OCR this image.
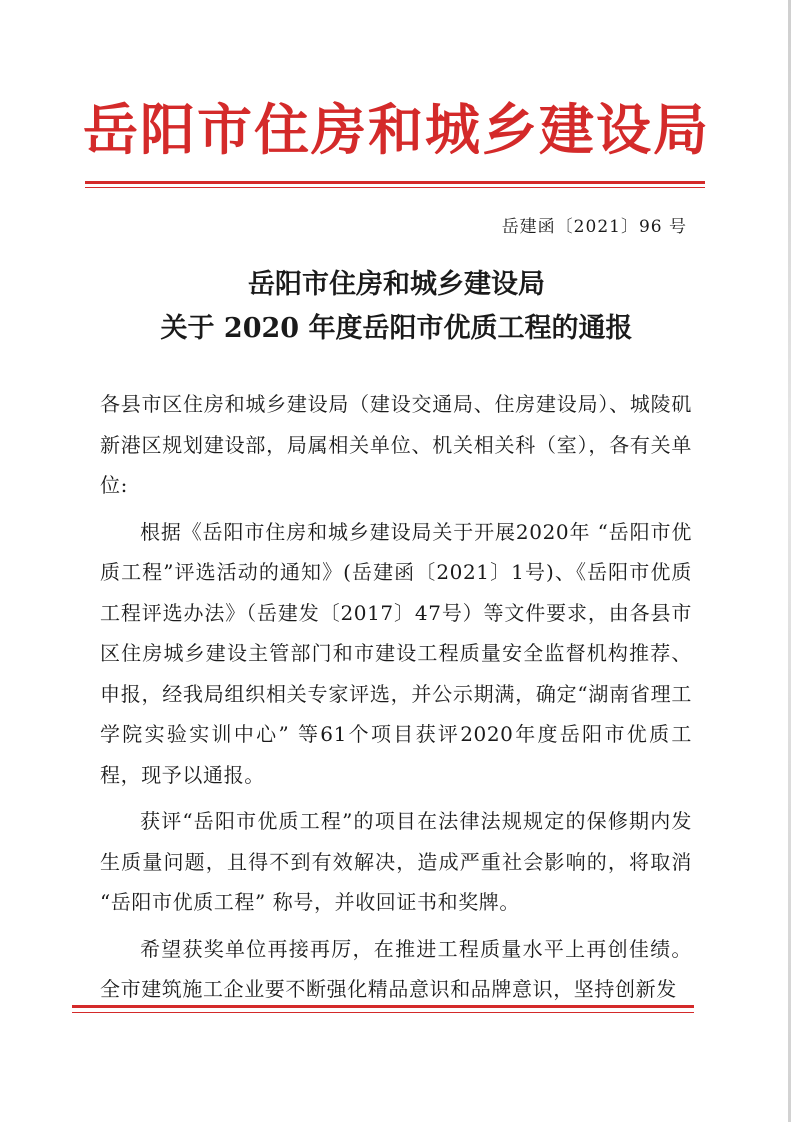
岳阳市住房和城乡建设局
岳建函〔2021〕96 号
岳阳市住房和城乡建设局
关于 2020 年度岳阳市优质工程的通报

各县市区住房和城乡建设局（建设交通局、住房建设局）、城陵矶新港区规划建设部，局属相关单位、机关相关科（室），各有关单位:

根据《岳阳市住房和城乡建设局关于开展2020年 “岳阳市优质工程”评选活动的通知》(岳建函〔2021〕1号)、《岳阳市优质工程评选办法》（岳建发〔2017〕47号）等文件要求，由各县市区住房城乡建设主管部门和市建设工程质量安全监督机构推荐、申报，经我局组织相关专家评选，并公示期满，确定“湖南省理工学院实验实训中心” 等61个项目获评2020年度岳阳市优质工程，现予以通报。

获评“岳阳市优质工程”的项目在法律法规规定的保修期内发生质量问题，且得不到有效解决，造成严重社会影响的，将取消 “岳阳市优质工程” 称号，并收回证书和奖牌。

希望获奖单位再接再厉，在推进工程质量水平上再创佳绩。全市建筑施工企业要不断强化精品意识和品牌意识，坚持创新发
